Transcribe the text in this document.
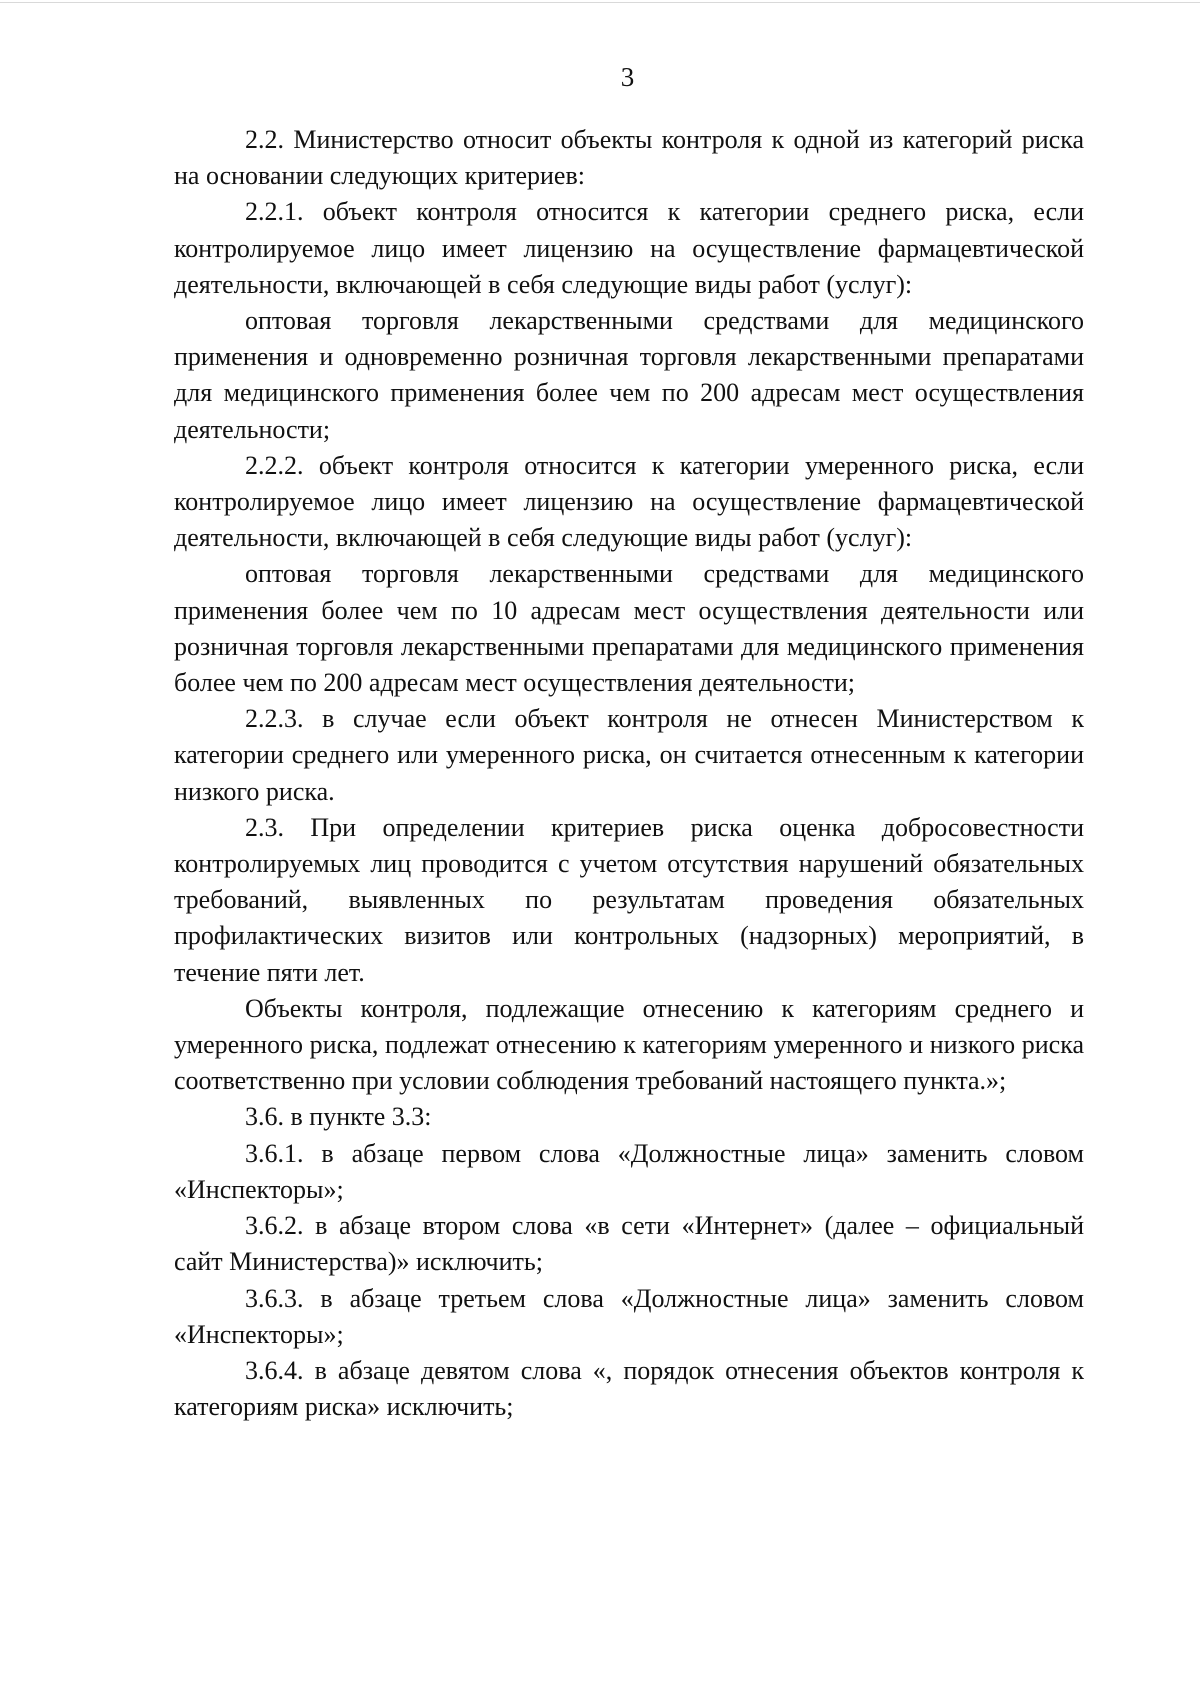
3

2.2. Министерство относит объекты контроля к одной из категорий риска на основании следующих критериев:

2.2.1. объект контроля относится к категории среднего риска, если контролируемое лицо имеет лицензию на осуществление фармацевтической деятельности, включающей в себя следующие виды работ (услуг):

оптовая торговля лекарственными средствами для медицинского применения и одновременно розничная торговля лекарственными препаратами для медицинского применения более чем по 200 адресам мест осуществления деятельности;

2.2.2. объект контроля относится к категории умеренного риска, если контролируемое лицо имеет лицензию на осуществление фармацевтической деятельности, включающей в себя следующие виды работ (услуг):

оптовая торговля лекарственными средствами для медицинского применения более чем по 10 адресам мест осуществления деятельности или розничная торговля лекарственными препаратами для медицинского применения более чем по 200 адресам мест осуществления деятельности;

2.2.3. в случае если объект контроля не отнесен Министерством к категории среднего или умеренного риска, он считается отнесенным к категории низкого риска.

2.3. При определении критериев риска оценка добросовестности контролируемых лиц проводится с учетом отсутствия нарушений обязательных требований, выявленных по результатам проведения обязательных профилактических визитов или контрольных (надзорных) мероприятий, в течение пяти лет.

Объекты контроля, подлежащие отнесению к категориям среднего и умеренного риска, подлежат отнесению к категориям умеренного и низкого риска соответственно при условии соблюдения требований настоящего пункта.»;

3.6. в пункте 3.3:

3.6.1. в абзаце первом слова «Должностные лица» заменить словом «Инспекторы»;

3.6.2. в абзаце втором слова «в сети «Интернет» (далее – официальный сайт Министерства)» исключить;

3.6.3. в абзаце третьем слова «Должностные лица» заменить словом «Инспекторы»;

3.6.4. в абзаце девятом слова «, порядок отнесения объектов контроля к категориям риска» исключить;
